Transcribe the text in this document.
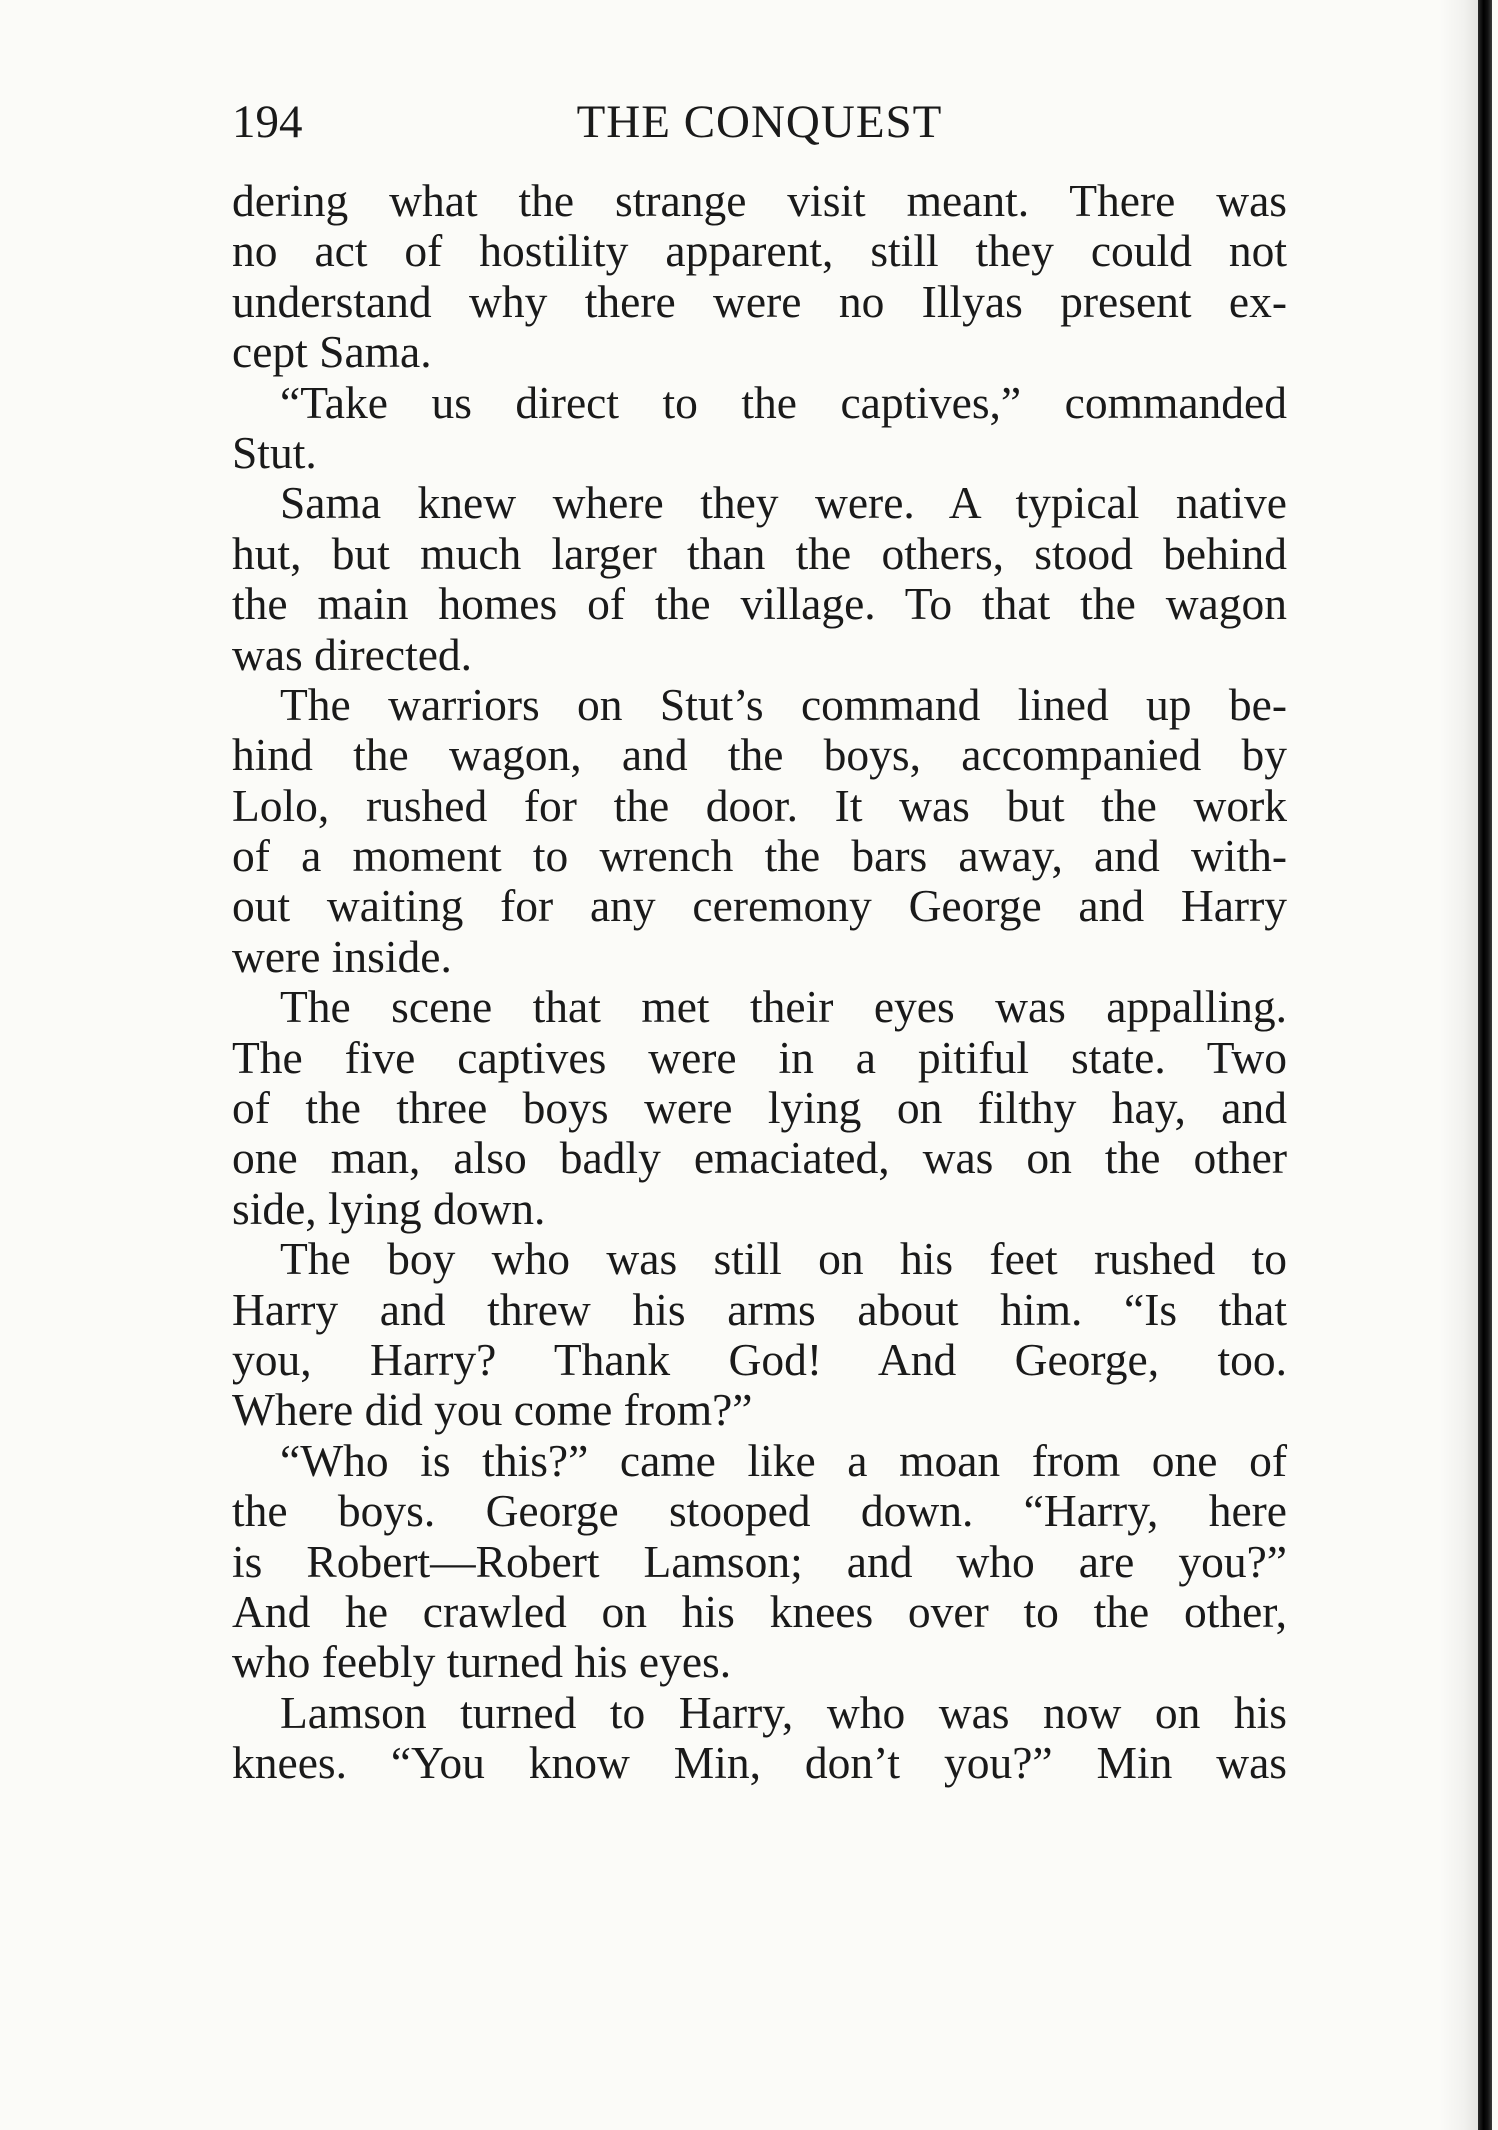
194	THE CONQUEST
dering what the strange visit meant. There was
no act of hostility apparent, still they could not
understand why there were no Illyas present ex-
cept Sama.
“Take us direct to the captives,” commanded
Stut.
Sama knew where they were. A typical native
hut, but much larger than the others, stood behind
the main homes of the village. To that the wagon
was directed.
The warriors on Stut’s command lined up be-
hind the wagon, and the boys, accompanied by
Lolo, rushed for the door. It was but the work
of a moment to wrench the bars away, and with-
out waiting for any ceremony George and Harry
were inside.
The scene that met their eyes was appalling.
The five captives were in a pitiful state. Two
of the three boys were lying on filthy hay, and
one man, also badly emaciated, was on the other
side, lying down.
The boy who was still on his feet rushed to
Harry and threw his arms about him. “Is that
you, Harry? Thank God! And George, too.
Where did you come from?”
“Who is this?” came like a moan from one of
the boys. George stooped down. “Harry, here
is Robert—Robert Lamson; and who are you?”
And he crawled on his knees over to the other,
who feebly turned his eyes.
Lamson turned to Harry, who was now on his
knees. “You know Min, don’t you?” Min was
